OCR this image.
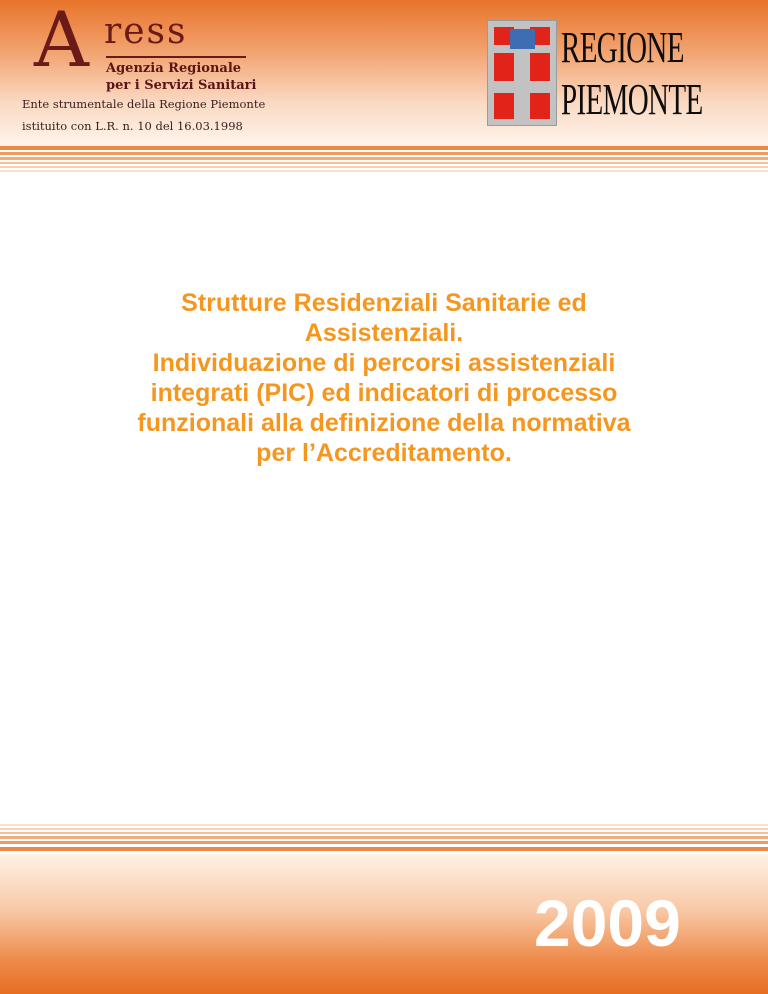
A ress
Agenzia Regionale
per i Servizi Sanitari
Ente strumentale della Regione Piemonte
istituito con L.R. n. 10 del 16.03.1998
REGIONE
PIEMONTE
Strutture Residenziali Sanitarie ed
Assistenziali.
Individuazione di percorsi assistenziali
integrati (PIC) ed indicatori di processo
funzionali alla definizione della normativa
per l’Accreditamento.
2009
